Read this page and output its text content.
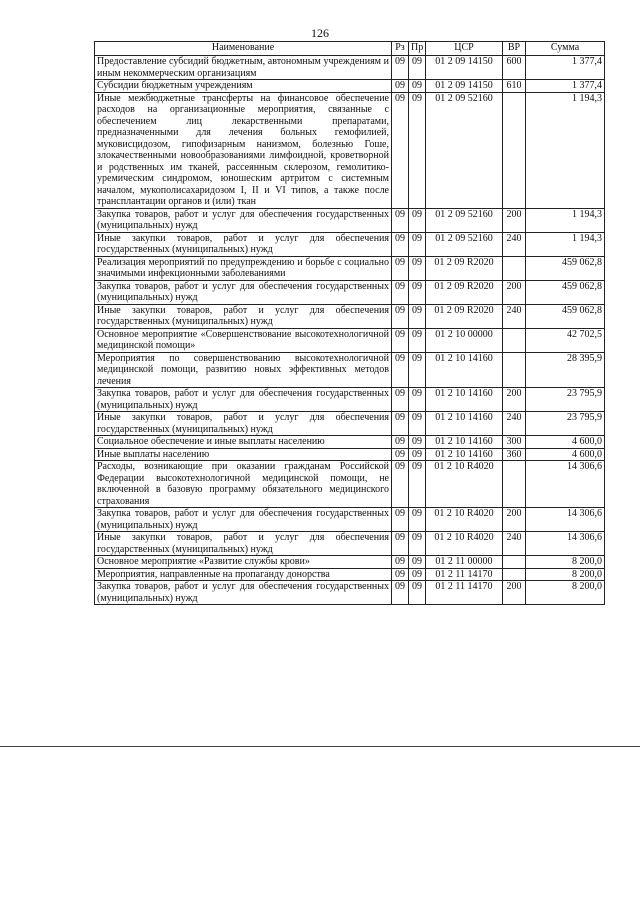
126
Наименование	Рз	Пр	ЦСР	ВР	Сумма
Предоставление субсидий бюджетным, автономным учреждениям и иным некоммерческим организациям	09	09	01 2 09 14150	600	1 377,4
Субсидии бюджетным учреждениям	09	09	01 2 09 14150	610	1 377,4
Иные межбюджетные трансферты на финансовое обеспечение расходов на организационные мероприятия, связанные с обеспечением лиц лекарственными препаратами, предназначенными для лечения больных гемофилией, муковисцидозом, гипофизарным нанизмом, болезнью Гоше, злокачественными новообразованиями лимфоидной, кроветворной и родственных им тканей, рассеянным склерозом, гемолитико-уремическим синдромом, юношеским артритом с системным началом, мукополисахаридозом I, II и VI типов, а также после трансплантации органов и (или) ткан	09	09	01 2 09 52160		1 194,3
Закупка товаров, работ и услуг для обеспечения государственных (муниципальных) нужд	09	09	01 2 09 52160	200	1 194,3
Иные закупки товаров, работ и услуг для обеспечения государственных (муниципальных) нужд	09	09	01 2 09 52160	240	1 194,3
Реализация мероприятий по предупреждению и борьбе с социально значимыми инфекционными заболеваниями	09	09	01 2 09 R2020		459 062,8
Закупка товаров, работ и услуг для обеспечения государственных (муниципальных) нужд	09	09	01 2 09 R2020	200	459 062,8
Иные закупки товаров, работ и услуг для обеспечения государственных (муниципальных) нужд	09	09	01 2 09 R2020	240	459 062,8
Основное мероприятие «Совершенствование высокотехнологичной медицинской помощи»	09	09	01 2 10 00000		42 702,5
Мероприятия по совершенствованию высокотехнологичной медицинской помощи, развитию новых эффективных методов лечения	09	09	01 2 10 14160		28 395,9
Закупка товаров, работ и услуг для обеспечения государственных (муниципальных) нужд	09	09	01 2 10 14160	200	23 795,9
Иные закупки товаров, работ и услуг для обеспечения государственных (муниципальных) нужд	09	09	01 2 10 14160	240	23 795,9
Социальное обеспечение и иные выплаты населению	09	09	01 2 10 14160	300	4 600,0
Иные выплаты населению	09	09	01 2 10 14160	360	4 600,0
Расходы, возникающие при оказании гражданам Российской Федерации высокотехнологичной медицинской помощи, не включенной в базовую программу обязательного медицинского страхования	09	09	01 2 10 R4020		14 306,6
Закупка товаров, работ и услуг для обеспечения государственных (муниципальных) нужд	09	09	01 2 10 R4020	200	14 306,6
Иные закупки товаров, работ и услуг для обеспечения государственных (муниципальных) нужд	09	09	01 2 10 R4020	240	14 306,6
Основное мероприятие «Развитие службы крови»	09	09	01 2 11 00000		8 200,0
Мероприятия, направленные на пропаганду донорства	09	09	01 2 11 14170		8 200,0
Закупка товаров, работ и услуг для обеспечения государственных (муниципальных) нужд	09	09	01 2 11 14170	200	8 200,0
